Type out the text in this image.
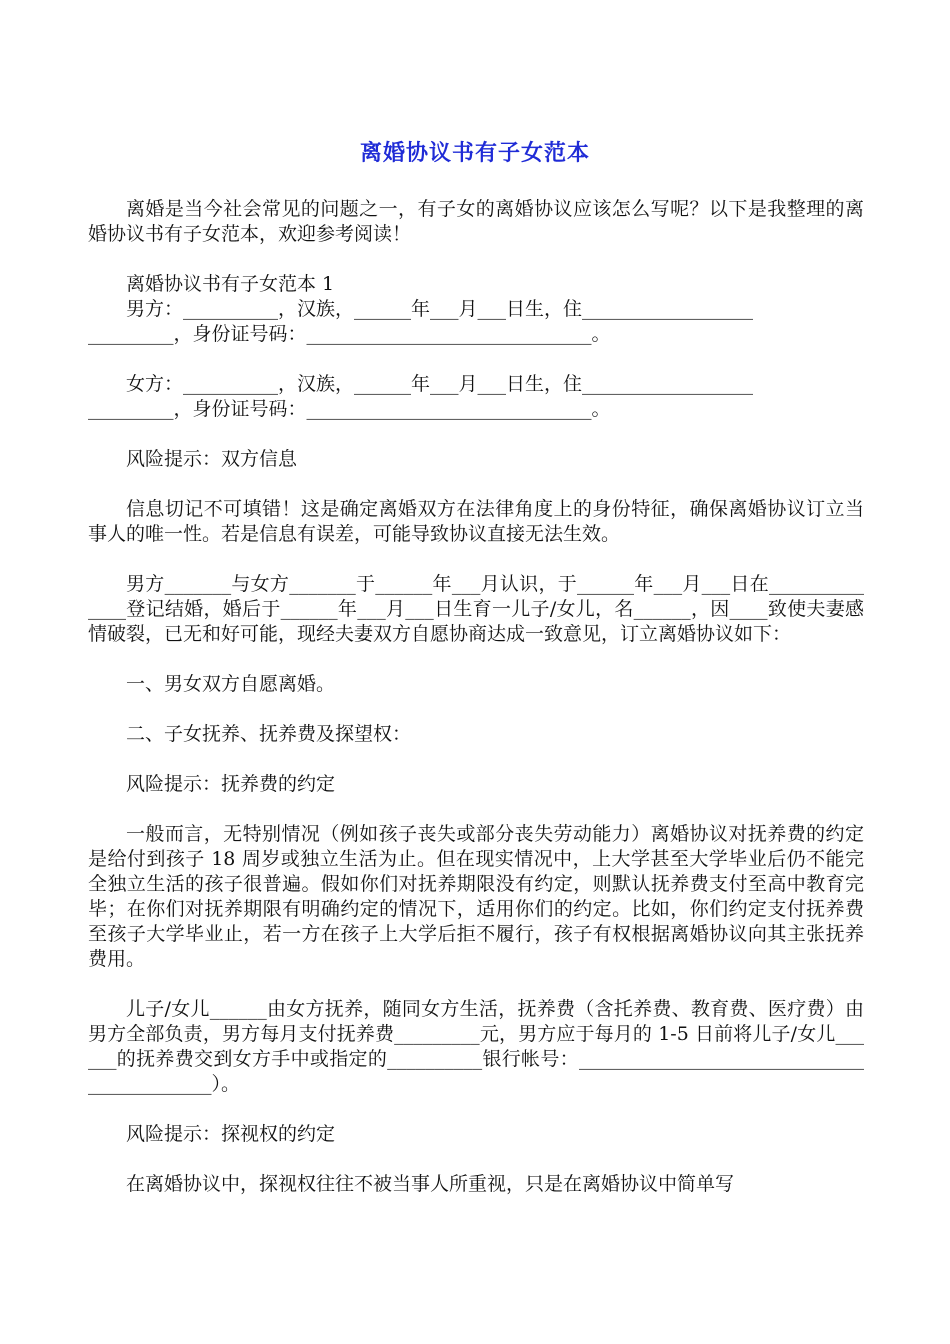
离婚协议书有子女范本

离婚是当今社会常见的问题之一，有子女的离婚协议应该怎么写呢？以下是我整理的离婚协议书有子女范本，欢迎参考阅读！

离婚协议书有子女范本 1

男方：__________，汉族，______年___月___日生，住__________________
_________，身份证号码：______________________________。

女方：__________，汉族，______年___月___日生，住__________________
_________，身份证号码：______________________________。

风险提示：双方信息

信息切记不可填错！这是确定离婚双方在法律角度上的身份特征，确保离婚协议订立当事人的唯一性。若是信息有误差，可能导致协议直接无法生效。

男方_______与女方_______于______年___月认识，于______年___月___日在______________登记结婚，婚后于______年___月___日生育一儿子/女儿，名______，因____致使夫妻感情破裂，已无和好可能，现经夫妻双方自愿协商达成一致意见，订立离婚协议如下：

一、男女双方自愿离婚。

二、子女抚养、抚养费及探望权：

风险提示：抚养费的约定

一般而言，无特别情况（例如孩子丧失或部分丧失劳动能力）离婚协议对抚养费的约定是给付到孩子 18 周岁或独立生活为止。但在现实情况中，上大学甚至大学毕业后仍不能完全独立生活的孩子很普遍。假如你们对抚养期限没有约定，则默认抚养费支付至高中教育完毕；在你们对抚养期限有明确约定的情况下，适用你们的约定。比如，你们约定支付抚养费至孩子大学毕业止，若一方在孩子上大学后拒不履行，孩子有权根据离婚协议向其主张抚养费用。

儿子/女儿______由女方抚养，随同女方生活，抚养费（含托养费、教育费、医疗费）由男方全部负责，男方每月支付抚养费_________元，男方应于每月的 1-5 日前将儿子/女儿______的抚养费交到女方手中或指定的__________银行帐号：___________________________________________）。

风险提示：探视权的约定

在离婚协议中，探视权往往不被当事人所重视，只是在离婚协议中简单写
